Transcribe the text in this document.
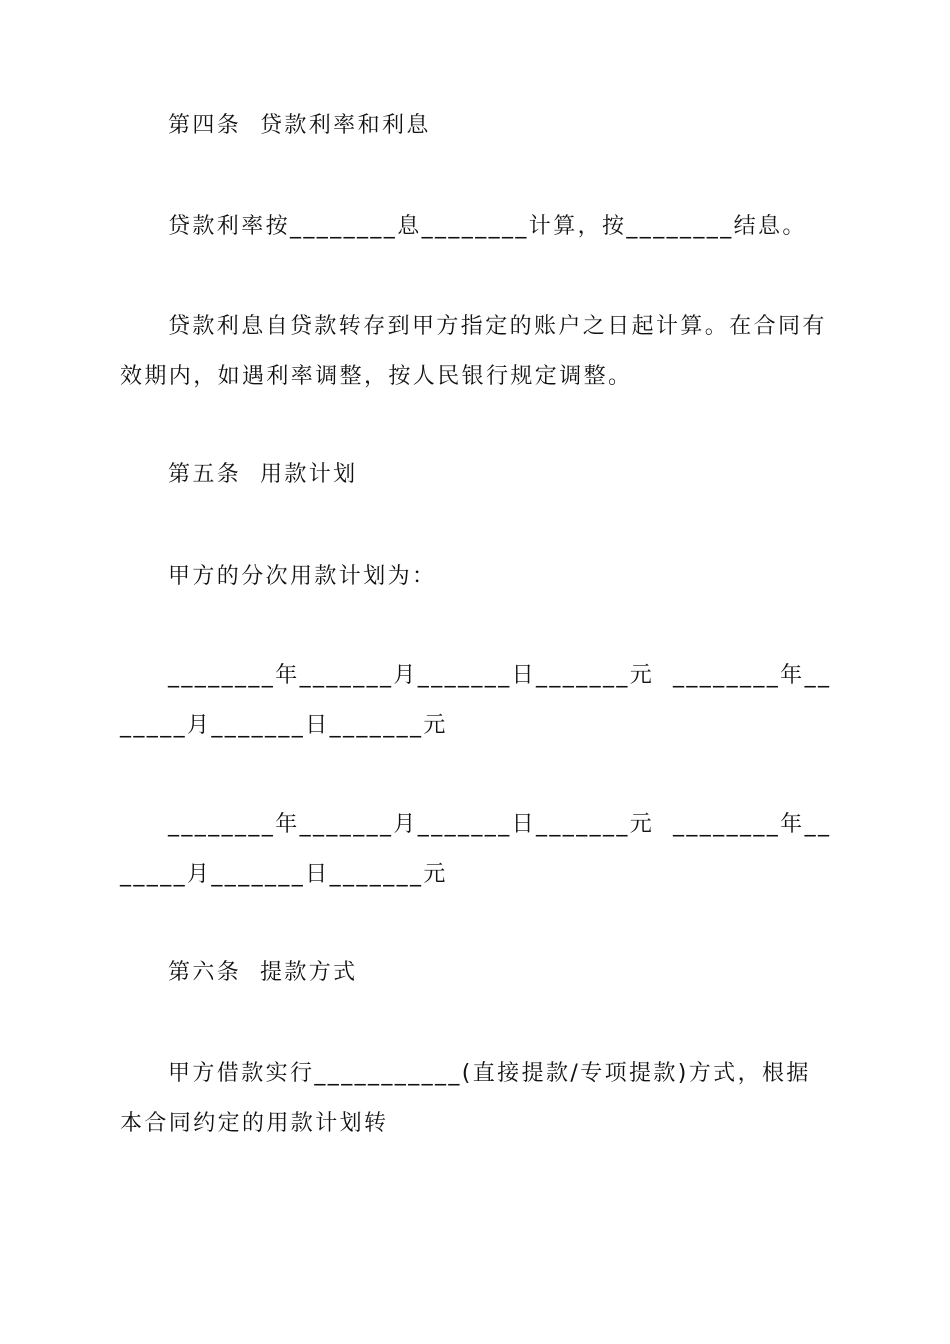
第四条  贷款利率和利息

贷款利率按________息________计算，按________结息。

贷款利息自贷款转存到甲方指定的账户之日起计算。在合同有效期内，如遇利率调整，按人民银行规定调整。

第五条  用款计划

甲方的分次用款计划为：

________年_______月_______日_______元  ________年_______月_______日_______元

________年_______月_______日_______元  ________年_______月_______日_______元

第六条  提款方式

甲方借款实行___________(直接提款/专项提款)方式，根据本合同约定的用款计划转
